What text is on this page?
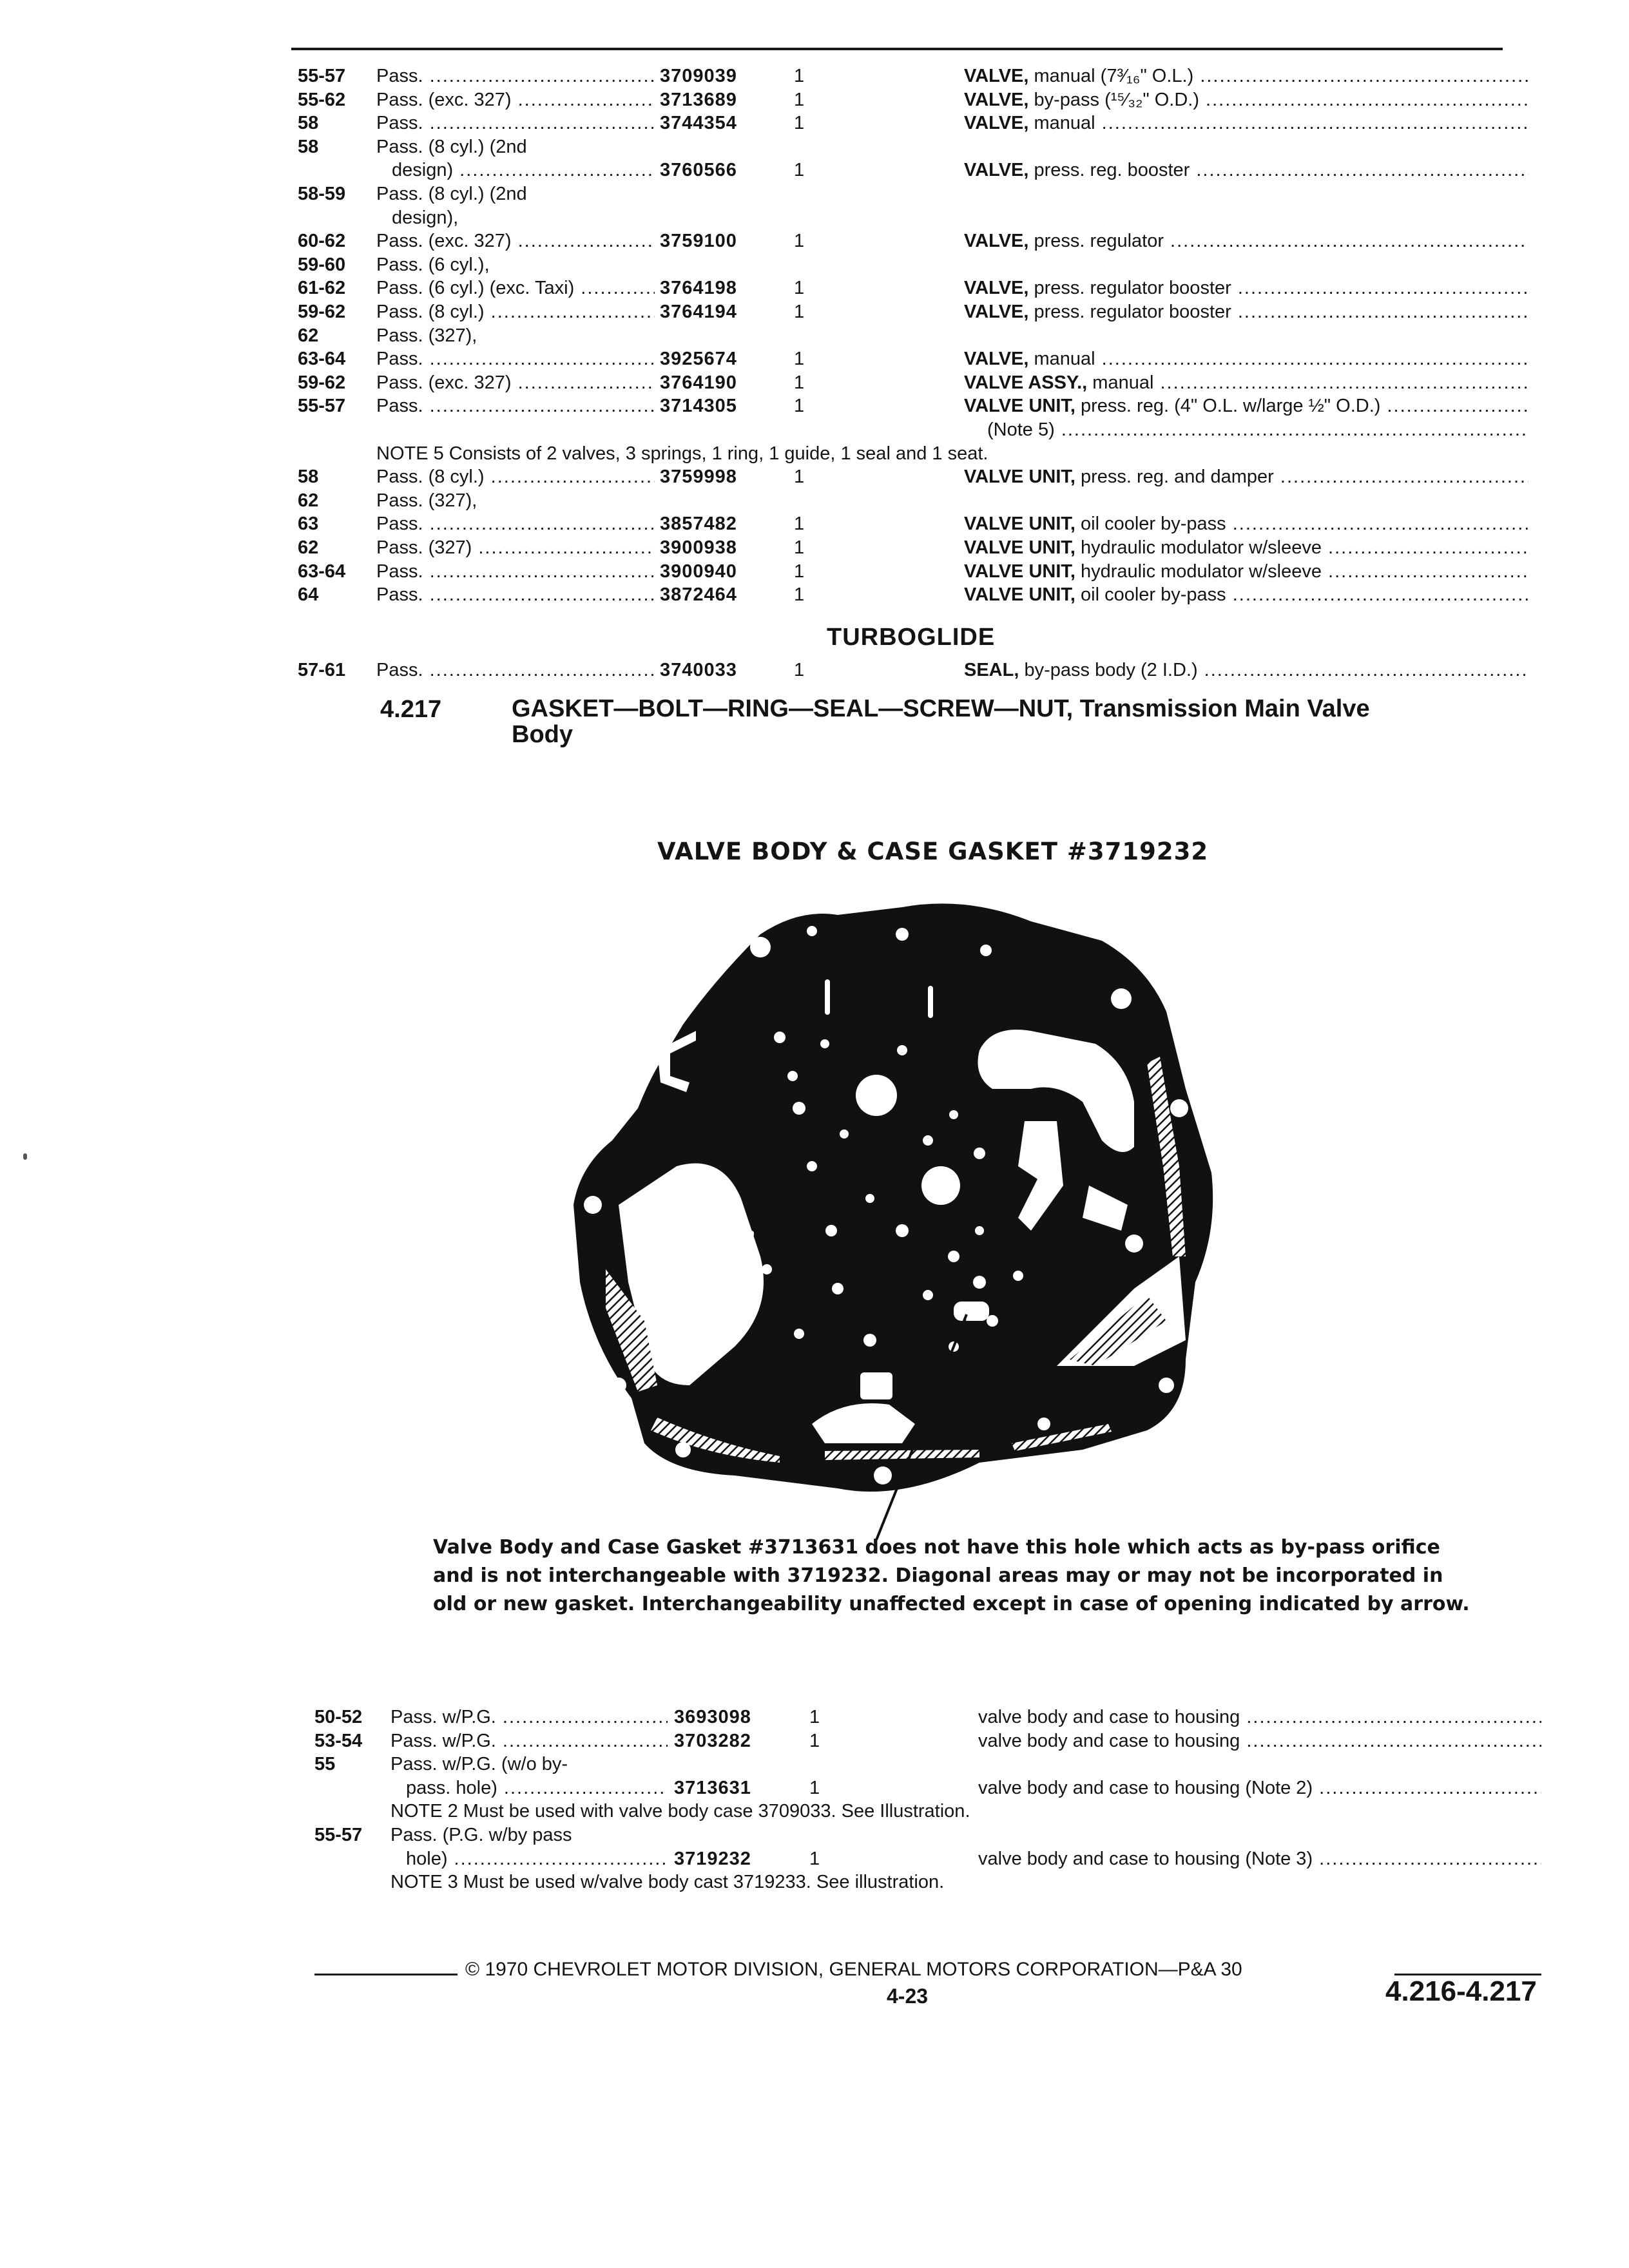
55-57	Pass. .....	3709039	1	VALVE, manual (7³⁄₁₆" O.L.) .....
55-62	Pass. (exc. 327) .....	3713689	1	VALVE, by-pass (¹⁵⁄₃₂" O.D.) .....
58	Pass. .....	3744354	1	VALVE, manual .....
58	Pass. (8 cyl.) (2nd
design) .....	3760566	1	VALVE, press. reg. booster .....
58-59	Pass. (8 cyl.) (2nd
design),
60-62	Pass. (exc. 327) .....	3759100	1	VALVE, press. regulator .....
59-60	Pass. (6 cyl.),
61-62	Pass. (6 cyl.) (exc. Taxi) .....	3764198	1	VALVE, press. regulator booster .....
59-62	Pass. (8 cyl.) .....	3764194	1	VALVE, press. regulator booster .....
62	Pass. (327),
63-64	Pass. .....	3925674	1	VALVE, manual .....
59-62	Pass. (exc. 327) .....	3764190	1	VALVE ASSY., manual .....
55-57	Pass. .....	3714305	1	VALVE UNIT, press. reg. (4" O.L. w/large ½" O.D.) .....
(Note 5) .....
NOTE 5 Consists of 2 valves, 3 springs, 1 ring, 1 guide, 1 seal and 1 seat.
58	Pass. (8 cyl.) .....	3759998	1	VALVE UNIT, press. reg. and damper .....
62	Pass. (327),
63	Pass. .....	3857482	1	VALVE UNIT, oil cooler by-pass .....
62	Pass. (327) .....	3900938	1	VALVE UNIT, hydraulic modulator w/sleeve .....
63-64	Pass. .....	3900940	1	VALVE UNIT, hydraulic modulator w/sleeve .....
64	Pass. .....	3872464	1	VALVE UNIT, oil cooler by-pass .....
TURBOGLIDE
57-61	Pass. .....	3740033	1	SEAL, by-pass body (2 I.D.) .....
4.217	GASKET—BOLT—RING—SEAL—SCREW—NUT, Transmission Main Valve
Body
VALVE BODY & CASE GASKET #3719232
Valve Body and Case Gasket #3713631 does not have this hole which acts as by-pass orifice
and is not interchangeable with 3719232. Diagonal areas may or may not be incorporated in
old or new gasket. Interchangeability unaffected except in case of opening indicated by arrow.
50-52	Pass. w/P.G. .....	3693098	1	valve body and case to housing .....
53-54	Pass. w/P.G. .....	3703282	1	valve body and case to housing .....
55	Pass. w/P.G. (w/o by-
pass. hole) .....	3713631	1	valve body and case to housing (Note 2) .....
NOTE 2 Must be used with valve body case 3709033. See Illustration.
55-57	Pass. (P.G. w/by pass
hole) .....	3719232	1	valve body and case to housing (Note 3) .....
NOTE 3 Must be used w/valve body cast 3719233. See illustration.
© 1970 CHEVROLET MOTOR DIVISION, GENERAL MOTORS CORPORATION—P&A 30
4-23	4.216-4.217
